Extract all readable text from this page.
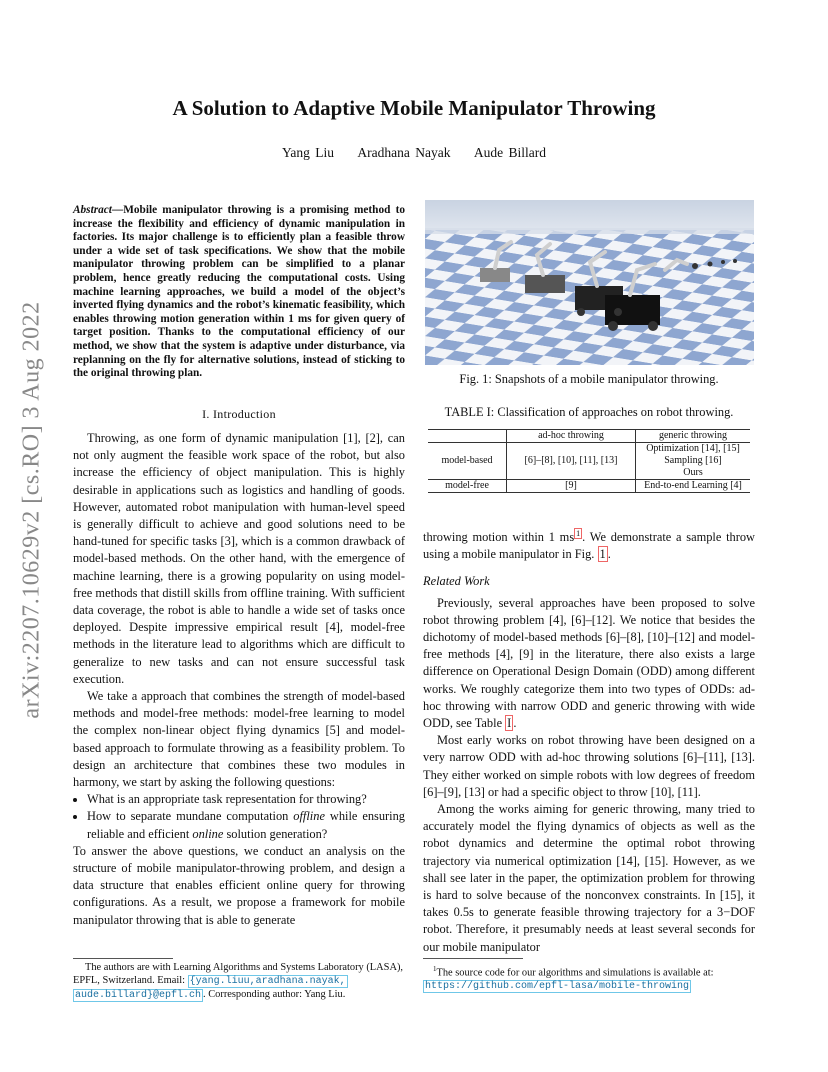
A Solution to Adaptive Mobile Manipulator Throwing
Yang Liu Aradhana Nayak Aude Billard
arXiv:2207.10629v2 [cs.RO] 3 Aug 2022
Abstract—Mobile manipulator throwing is a promising method to increase the flexibility and efficiency of dynamic manipulation in factories. Its major challenge is to efficiently plan a feasible throw under a wide set of task specifications. We show that the mobile manipulator throwing problem can be simplified to a planar problem, hence greatly reducing the computational costs. Using machine learning approaches, we build a model of the object’s inverted flying dynamics and the robot’s kinematic feasibility, which enables throwing motion generation within 1 ms for given query of target position. Thanks to the computational efficiency of our method, we show that the system is adaptive under disturbance, via replanning on the fly for alternative solutions, instead of sticking to the original throwing plan.
I. Introduction

Throwing, as one form of dynamic manipulation [1], [2], can not only augment the feasible work space of the robot, but also increase the efficiency of object manipulation. This is highly desirable in applications such as logistics and handling of goods. However, automated robot manipulation with human-level speed is generally difficult to achieve and good solutions need to be hand-tuned for specific tasks [3], which is a common drawback of model-based methods. On the other hand, with the emergence of machine learning, there is a growing popularity on using model-free methods that distill skills from offline training. With sufficient data coverage, the robot is able to handle a wide set of tasks once deployed. Despite impressive empirical result [4], model-free methods in the literature lead to algorithms which are difficult to generalize to new tasks and can not ensure successful task execution.

We take a approach that combines the strength of model-based methods and model-free methods: model-free learning to model the complex non-linear object flying dynamics [5] and model-based approach to formulate throwing as a feasibility problem. To design an architecture that combines these two modules in harmony, we start by asking the following questions:

• What is an appropriate task representation for throwing?
• How to separate mundane computation offline while ensuring reliable and efficient online solution generation?

To answer the above questions, we conduct an analysis on the structure of mobile manipulator-throwing problem, and design a data structure that enables efficient online query for throwing configurations. As a result, we propose a framework for mobile manipulator throwing that is able to generate

The authors are with Learning Algorithms and Systems Laboratory (LASA), EPFL, Switzerland. Email: {yang.liuu,aradhana.nayak, aude.billard}@epfl.ch . Corresponding author: Yang Liu.
Fig. 1: Snapshots of a mobile manipulator throwing.
TABLE I: Classification of approaches on robot throwing.
	ad-hoc throwing	generic throwing
model-based	[6]–[8], [10], [11], [13]	Optimization [14], [15]
Sampling [16]
Ours

model-free	[9]	End-to-end Learning [4]

throwing motion within 1 ms $^1$ . We demonstrate a sample throw using a mobile manipulator in Fig. 1 .

Related Work

Previously, several approaches have been proposed to solve robot throwing problem [4], [6]–[12]. We notice that besides the dichotomy of model-based methods [6]–[8], [10]–[12] and model-free methods [4], [9] in the literature, there also exists a large difference on Operational Design Domain (ODD) among different works. We roughly categorize them into two types of ODDs: ad-hoc throwing with narrow ODD and generic throwing with wide ODD, see Table I .

Most early works on robot throwing have been designed on a very narrow ODD with ad-hoc throwing solutions [6]–[11], [13]. They either worked on simple robots with low degrees of freedom [6]–[9], [13] or had a specific object to throw [10], [11].

Among the works aiming for generic throwing, many tried to accurately model the flying dynamics of objects as well as the robot dynamics and determine the optimal robot throwing trajectory via numerical optimization [14], [15]. However, as we shall see later in the paper, the optimization problem for throwing is hard to solve because of the nonconvex constraints. In [15], it takes 0.5s to generate feasible throwing trajectory for a 3−DOF robot. Therefore, it presumably needs at least several seconds for our mobile manipulator

$^1$The source code for our algorithms and simulations is available at:
https://github.com/epfl-lasa/mobile-throwing
